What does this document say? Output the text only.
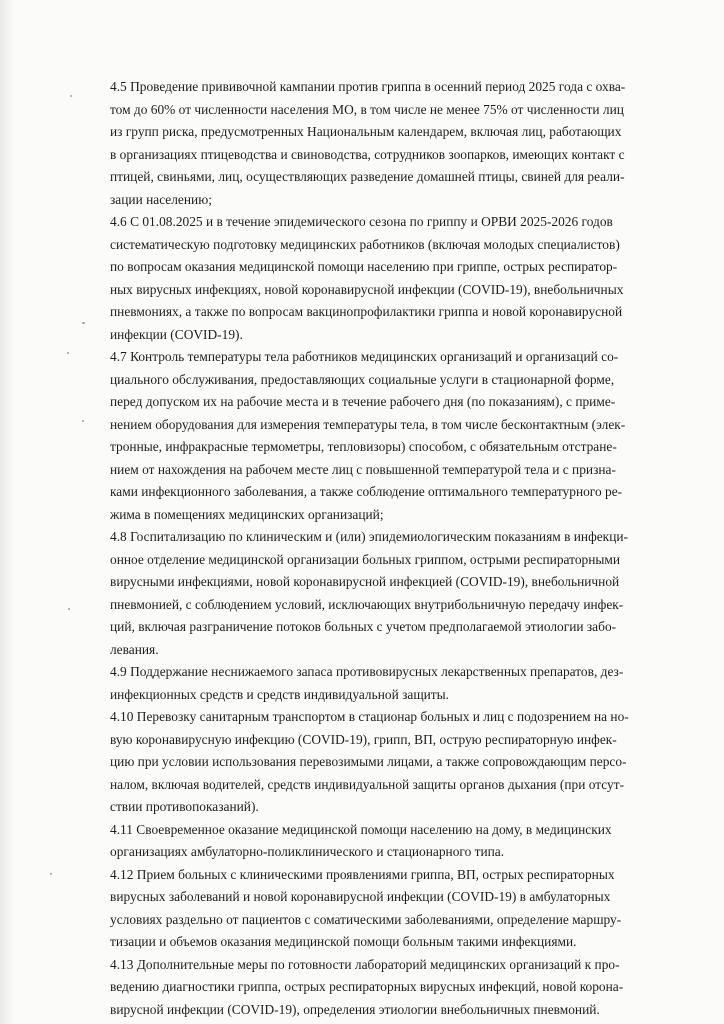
4.5 Проведение прививочной кампании против гриппа в осенний период 2025 года с охва-
том до 60% от численности населения МО, в том числе не менее 75% от численности лиц
из групп риска, предусмотренных Национальным календарем, включая лиц, работающих
в организациях птицеводства и свиноводства, сотрудников зоопарков, имеющих контакт с
птицей, свиньями, лиц, осуществляющих разведение домашней птицы, свиней для реали-
зации населению;
4.6 С 01.08.2025 и в течение эпидемического сезона по гриппу и ОРВИ 2025-2026 годов
систематическую подготовку медицинских работников (включая молодых специалистов)
по вопросам оказания медицинской помощи населению при гриппе, острых респиратор-
ных вирусных инфекциях, новой коронавирусной инфекции (COVID-19), внебольничных
пневмониях, а также по вопросам вакцинопрофилактики гриппа и новой коронавирусной
инфекции (COVID-19).
4.7 Контроль температуры тела работников медицинских организаций и организаций со-
циального обслуживания, предоставляющих социальные услуги в стационарной форме,
перед допуском их на рабочие места и в течение рабочего дня (по показаниям), с приме-
нением оборудования для измерения температуры тела, в том числе бесконтактным (элек-
тронные, инфракрасные термометры, тепловизоры) способом, с обязательным отстране-
нием от нахождения на рабочем месте лиц с повышенной температурой тела и с призна-
ками инфекционного заболевания, а также соблюдение оптимального температурного ре-
жима в помещениях медицинских организаций;
4.8 Госпитализацию по клиническим и (или) эпидемиологическим показаниям в инфекци-
онное отделение медицинской организации больных гриппом, острыми респираторными
вирусными инфекциями, новой коронавирусной инфекцией (COVID-19), внебольничной
пневмонией, с соблюдением условий, исключающих внутрибольничную передачу инфек-
ций, включая разграничение потоков больных с учетом предполагаемой этиологии забо-
левания.
4.9 Поддержание неснижаемого запаса противовирусных лекарственных препаратов, дез-
инфекционных средств и средств индивидуальной защиты.
4.10 Перевозку санитарным транспортом в стационар больных и лиц с подозрением на но-
вую коронавирусную инфекцию (COVID-19), грипп, ВП, острую респираторную инфек-
цию при условии использования перевозимыми лицами, а также сопровождающим персо-
налом, включая водителей, средств индивидуальной защиты органов дыхания (при отсут-
ствии противопоказаний).
4.11 Своевременное оказание медицинской помощи населению на дому, в медицинских
организациях амбулаторно-поликлинического и стационарного типа.
4.12 Прием больных с клиническими проявлениями гриппа, ВП, острых респираторных
вирусных заболеваний и новой коронавирусной инфекции (COVID-19) в амбулаторных
условиях раздельно от пациентов с соматическими заболеваниями, определение маршру-
тизации и объемов оказания медицинской помощи больным такими инфекциями.
4.13 Дополнительные меры по готовности лабораторий медицинских организаций к про-
ведению диагностики гриппа, острых респираторных вирусных инфекций, новой корона-
вирусной инфекции (COVID-19), определения этиологии внебольничных пневмоний.
